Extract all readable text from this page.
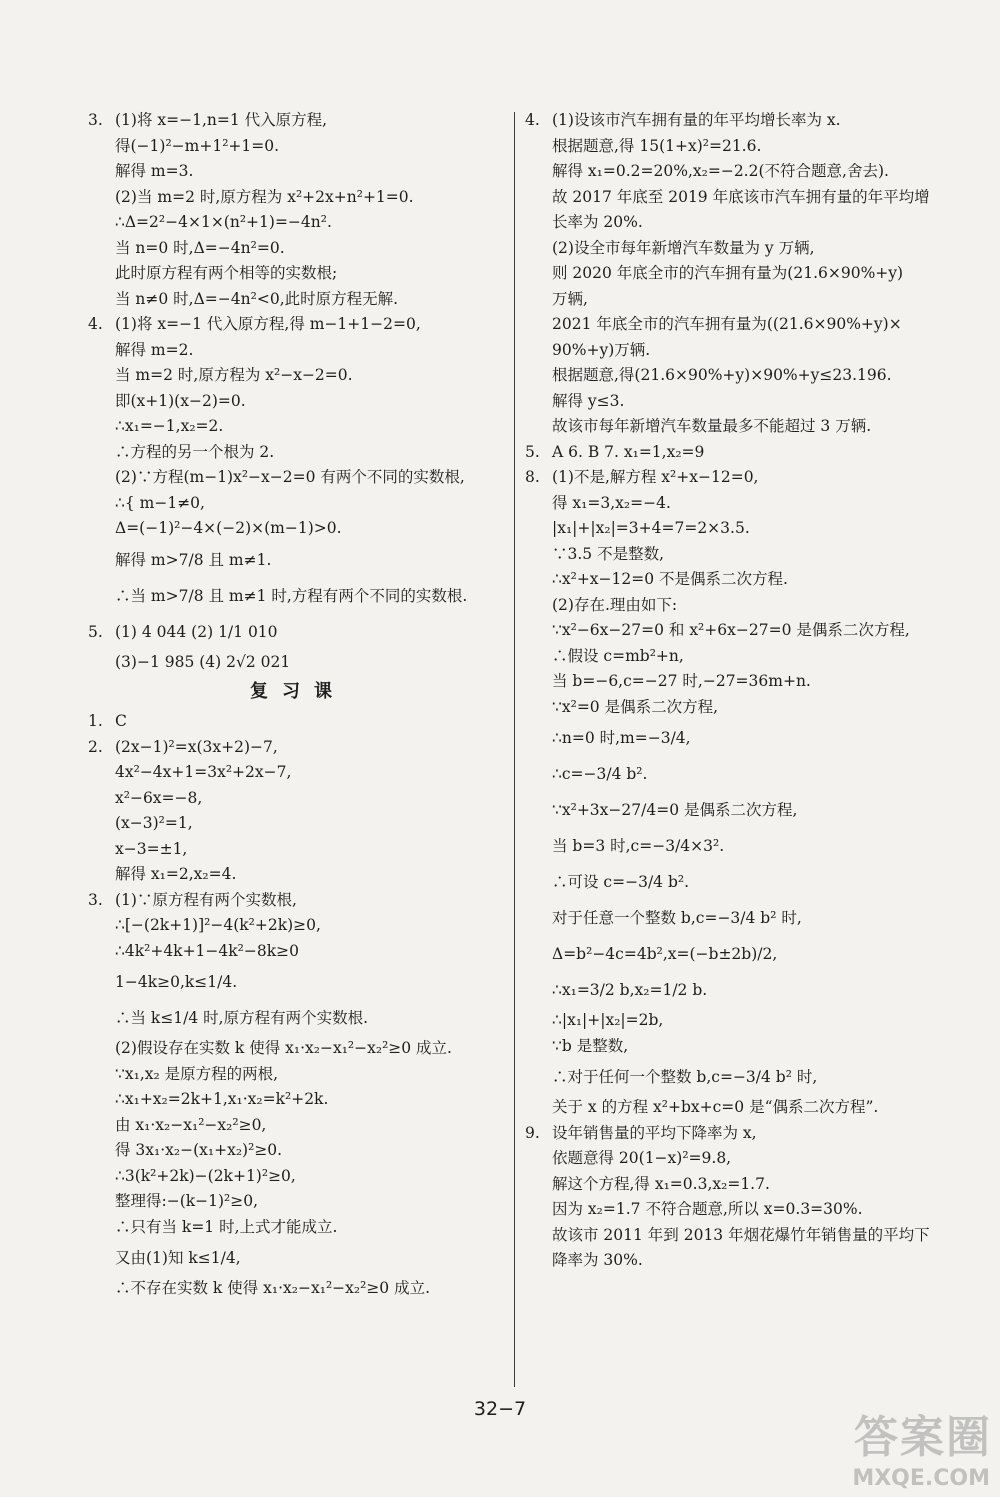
3. (1)将 x=−1,n=1 代入原方程,
得(−1)²−m+1²+1=0.
解得 m=3.
(2)当 m=2 时,原方程为 x²+2x+n²+1=0.
∴Δ=2²−4×1×(n²+1)=−4n².
当 n=0 时,Δ=−4n²=0.
此时原方程有两个相等的实数根;
当 n≠0 时,Δ=−4n²<0,此时原方程无解.
4. (1)将 x=−1 代入原方程,得 m−1+1−2=0,
解得 m=2.
当 m=2 时,原方程为 x²−x−2=0.
即(x+1)(x−2)=0.
∴x₁=−1,x₂=2.
∴方程的另一个根为 2.
(2)∵方程(m−1)x²−x−2=0 有两个不同的实数根,
∴{ m−1≠0,
Δ=(−1)²−4×(−2)×(m−1)>0.
解得 m>7/8 且 m≠1.
∴当 m>7/8 且 m≠1 时,方程有两个不同的实数根.
5. (1) 4 044 (2) 1/1 010
(3)−1 985 (4) 2√2 021
复习课
1. C
2. (2x−1)²=x(3x+2)−7,
4x²−4x+1=3x²+2x−7,
x²−6x=−8,
(x−3)²=1,
x−3=±1,
解得 x₁=2,x₂=4.
3. (1)∵原方程有两个实数根,
∴[−(2k+1)]²−4(k²+2k)≥0,
∴4k²+4k+1−4k²−8k≥0
1−4k≥0,k≤1/4.
∴当 k≤1/4 时,原方程有两个实数根.
(2)假设存在实数 k 使得 x₁·x₂−x₁²−x₂²≥0 成立.
∵x₁,x₂ 是原方程的两根,
∴x₁+x₂=2k+1,x₁·x₂=k²+2k.
由 x₁·x₂−x₁²−x₂²≥0,
得 3x₁·x₂−(x₁+x₂)²≥0.
∴3(k²+2k)−(2k+1)²≥0,
整理得:−(k−1)²≥0,
∴只有当 k=1 时,上式才能成立.
又由(1)知 k≤1/4,
∴不存在实数 k 使得 x₁·x₂−x₁²−x₂²≥0 成立.
4. (1)设该市汽车拥有量的年平均增长率为 x.
根据题意,得 15(1+x)²=21.6.
解得 x₁=0.2=20%,x₂=−2.2(不符合题意,舍去).
故 2017 年底至 2019 年底该市汽车拥有量的年平均增
长率为 20%.
(2)设全市每年新增汽车数量为 y 万辆,
则 2020 年底全市的汽车拥有量为(21.6×90%+y)
万辆,
2021 年底全市的汽车拥有量为((21.6×90%+y)×
90%+y)万辆.
根据题意,得(21.6×90%+y)×90%+y≤23.196.
解得 y≤3.
故该市每年新增汽车数量最多不能超过 3 万辆.
5. A 6. B 7. x₁=1,x₂=9
8. (1)不是,解方程 x²+x−12=0,
得 x₁=3,x₂=−4.
|x₁|+|x₂|=3+4=7=2×3.5.
∵3.5 不是整数,
∴x²+x−12=0 不是偶系二次方程.
(2)存在.理由如下:
∵x²−6x−27=0 和 x²+6x−27=0 是偶系二次方程,
∴假设 c=mb²+n,
当 b=−6,c=−27 时,−27=36m+n.
∵x²=0 是偶系二次方程,
∴n=0 时,m=−3/4,
∴c=−3/4 b².
∵x²+3x−27/4=0 是偶系二次方程,
当 b=3 时,c=−3/4×3².
∴可设 c=−3/4 b².
对于任意一个整数 b,c=−3/4 b² 时,
Δ=b²−4c=4b²,x=(−b±2b)/2,
∴x₁=3/2 b,x₂=1/2 b.
∴|x₁|+|x₂|=2b,
∵b 是整数,
∴对于任何一个整数 b,c=−3/4 b² 时,
关于 x 的方程 x²+bx+c=0 是“偶系二次方程”.
9. 设年销售量的平均下降率为 x,
依题意得 20(1−x)²=9.8,
解这个方程,得 x₁=0.3,x₂=1.7.
因为 x₂=1.7 不符合题意,所以 x=0.3=30%.
故该市 2011 年到 2013 年烟花爆竹年销售量的平均下
降率为 30%.
32−7
答案圈
MXQE.COM
